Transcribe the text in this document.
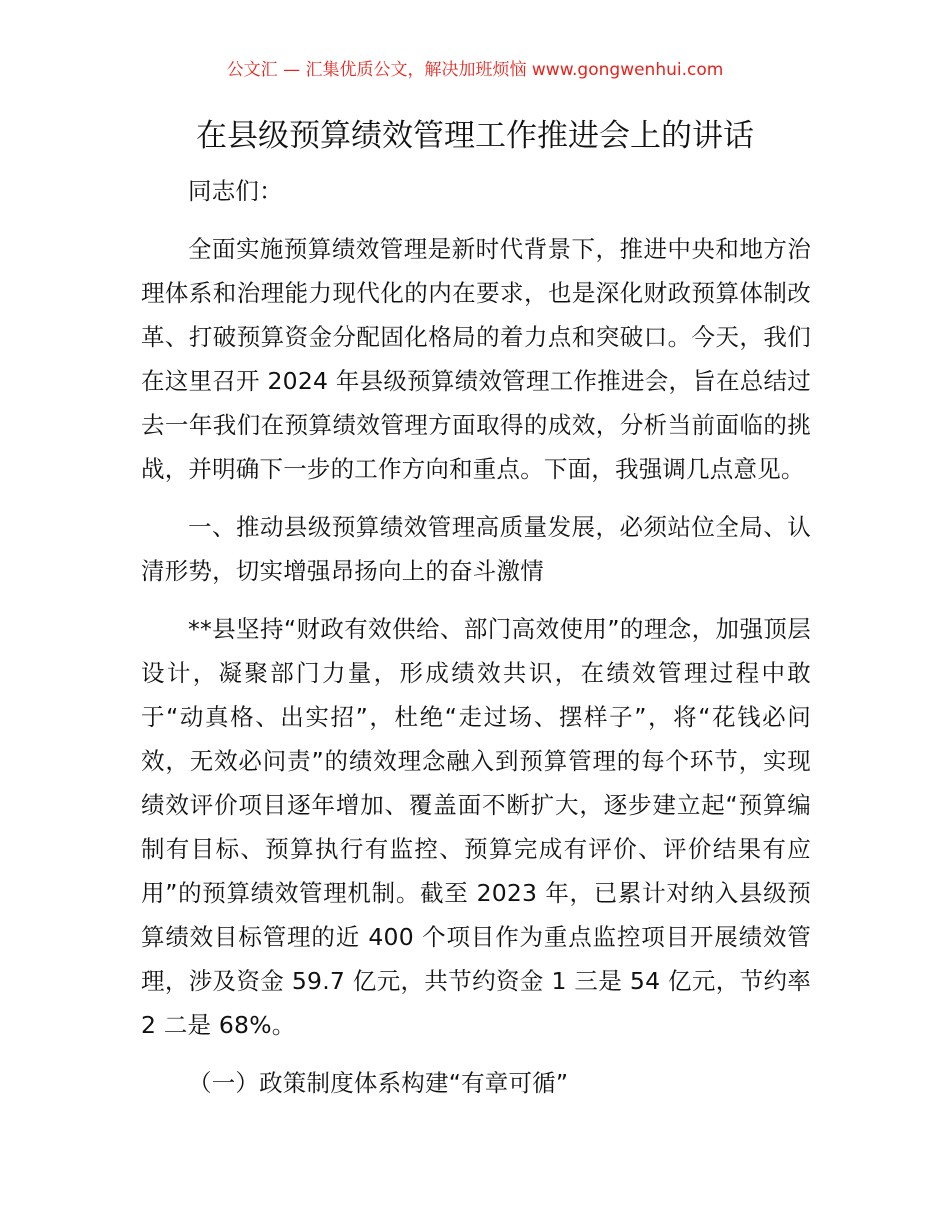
公文汇 — 汇集优质公文，解决加班烦恼 www.gongwenhui.com
在县级预算绩效管理工作推进会上的讲话

同志们：

全面实施预算绩效管理是新时代背景下，推进中央和地方治理体系和治理能力现代化的内在要求，也是深化财政预算体制改革、打破预算资金分配固化格局的着力点和突破口。今天，我们在这里召开 2024 年县级预算绩效管理工作推进会，旨在总结过去一年我们在预算绩效管理方面取得的成效，分析当前面临的挑战，并明确下一步的工作方向和重点。下面，我强调几点意见。

一、推动县级预算绩效管理高质量发展，必须站位全局、认清形势，切实增强昂扬向上的奋斗激情

**县坚持“财政有效供给、部门高效使用”的理念，加强顶层设计，凝聚部门力量，形成绩效共识，在绩效管理过程中敢于“动真格、出实招”，杜绝“走过场、摆样子”，将“花钱必问效，无效必问责”的绩效理念融入到预算管理的每个环节，实现绩效评价项目逐年增加、覆盖面不断扩大，逐步建立起“预算编制有目标、预算执行有监控、预算完成有评价、评价结果有应用”的预算绩效管理机制。截至 2023 年，已累计对纳入县级预算绩效目标管理的近 400 个项目作为重点监控项目开展绩效管理，涉及资金 59.7 亿元，共节约资金 1 三是 54 亿元，节约率 2 二是 68%。

（一）政策制度体系构建“有章可循”
